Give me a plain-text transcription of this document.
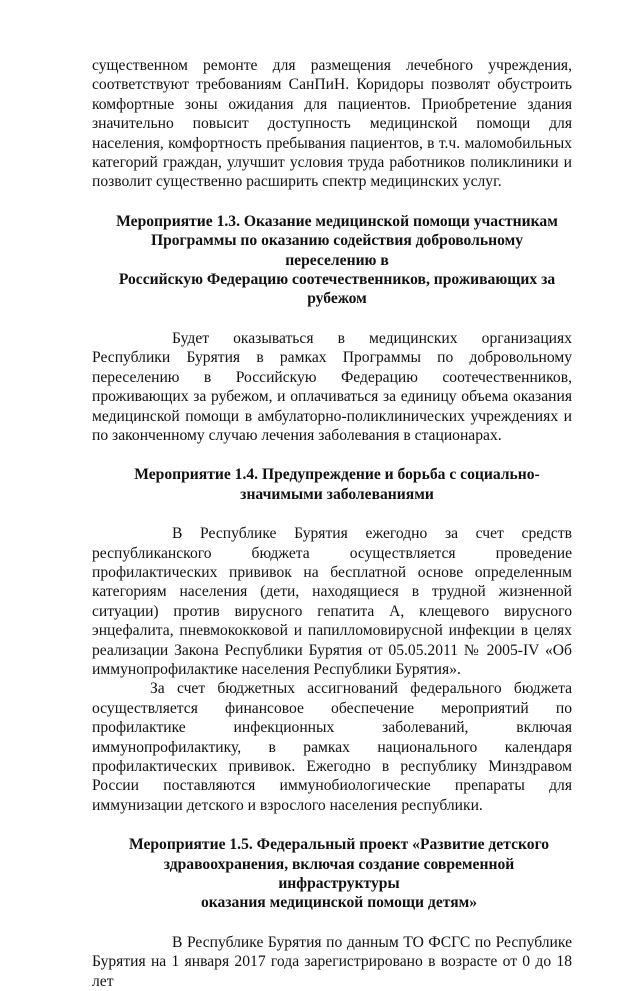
существенном ремонте для размещения лечебного учреждения, соответствуют требованиям СанПиН. Коридоры позволят обустроить комфортные зоны ожидания для пациентов. Приобретение здания значительно повысит доступность медицинской помощи для населения, комфортность пребывания пациентов, в т.ч. маломобильных категорий граждан, улучшит условия труда работников поликлиники и позволит существенно расширить спектр медицинских услуг.

Мероприятие 1.3. Оказание медицинской помощи участникам
Программы по оказанию содействия добровольному
переселению в
Российскую Федерацию соотечественников, проживающих за
рубежом

Будет оказываться в медицинских организациях Республики Бурятия в рамках Программы по добровольному переселению в Российскую Федерацию соотечественников, проживающих за рубежом, и оплачиваться за единицу объема оказания медицинской помощи в амбулаторно-поликлинических учреждениях и по законченному случаю лечения заболевания в стационарах.

Мероприятие 1.4. Предупреждение и борьба с социально-
значимыми заболеваниями

В Республике Бурятия ежегодно за счет средств республиканского бюджета осуществляется проведение профилактических прививок на бесплатной основе определенным категориям населения (дети, находящиеся в трудной жизненной ситуации) против вирусного гепатита А, клещевого вирусного энцефалита, пневмококковой и папилломовирусной инфекции в целях реализации Закона Республики Бурятия от 05.05.2011 № 2005-IV «Об иммунопрофилактике населения Республики Бурятия».

За счет бюджетных ассигнований федерального бюджета осуществляется финансовое обеспечение мероприятий по профилактике инфекционных заболеваний, включая иммунопрофилактику, в рамках национального календаря профилактических прививок. Ежегодно в республику Минздравом России поставляются иммунобиологические препараты для иммунизации детского и взрослого населения республики.

Мероприятие 1.5. Федеральный проект «Развитие детского
здравоохранения, включая создание современной инфраструктуры
оказания медицинской помощи детям»

В Республике Бурятия по данным ТО ФСГС по Республике Бурятия на 1 января 2017 года зарегистрировано в возрасте от 0 до 18 лет
